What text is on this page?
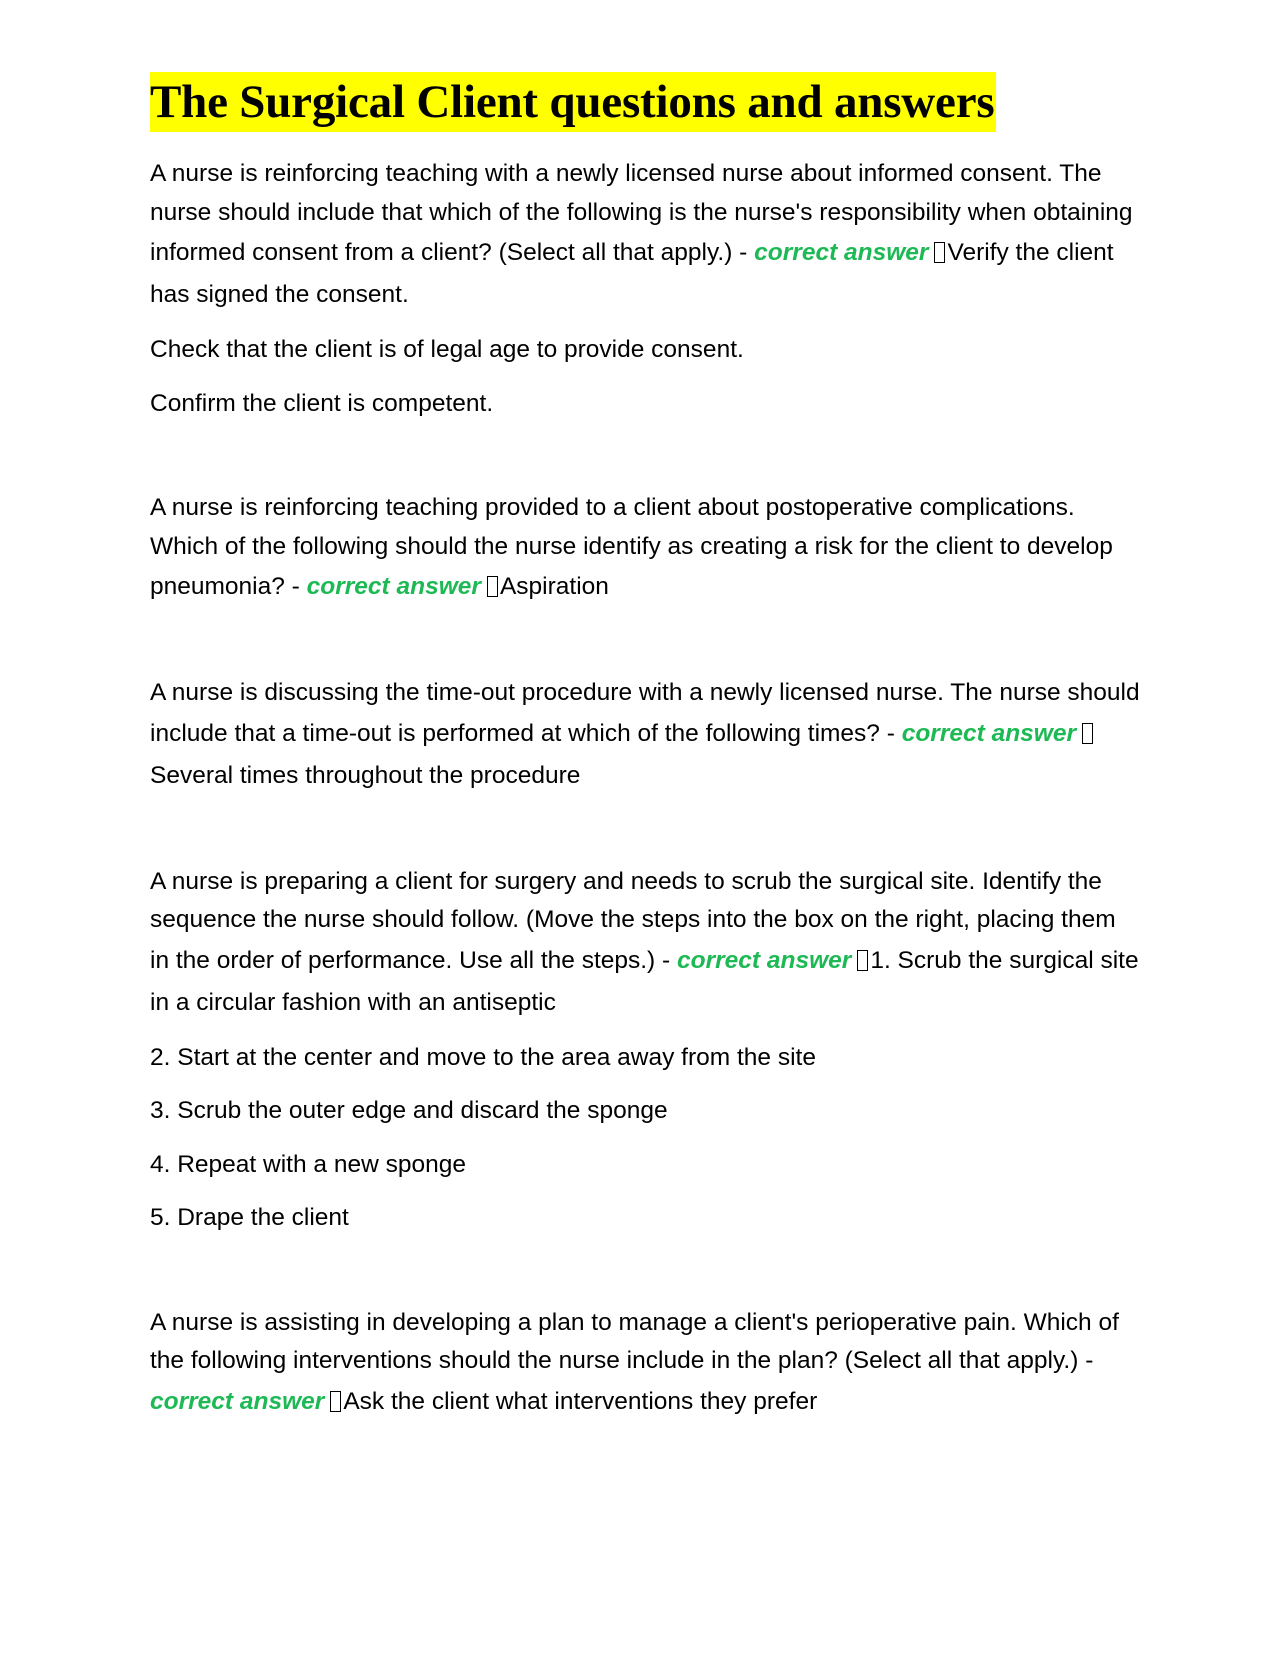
The Surgical Client questions and answers

A nurse is reinforcing teaching with a newly licensed nurse about informed consent. The nurse should include that which of the following is the nurse's responsibility when obtaining informed consent from a client? (Select all that apply.) - correct answer Verify the client has signed the consent.

Check that the client is of legal age to provide consent.

Confirm the client is competent.

A nurse is reinforcing teaching provided to a client about postoperative complications. Which of the following should the nurse identify as creating a risk for the client to develop pneumonia? - correct answer Aspiration

A nurse is discussing the time-out procedure with a newly licensed nurse. The nurse should include that a time-out is performed at which of the following times? - correct answerSeveral times throughout the procedure

A nurse is preparing a client for surgery and needs to scrub the surgical site. Identify the sequence the nurse should follow. (Move the steps into the box on the right, placing them in the order of performance. Use all the steps.) - correct answer 1. Scrub the surgical site in a circular fashion with an antiseptic

2. Start at the center and move to the area away from the site

3. Scrub the outer edge and discard the sponge

4. Repeat with a new sponge

5. Drape the client

A nurse is assisting in developing a plan to manage a client's perioperative pain. Which of the following interventions should the nurse include in the plan? (Select all that apply.) - correct answer Ask the client what interventions they prefer
